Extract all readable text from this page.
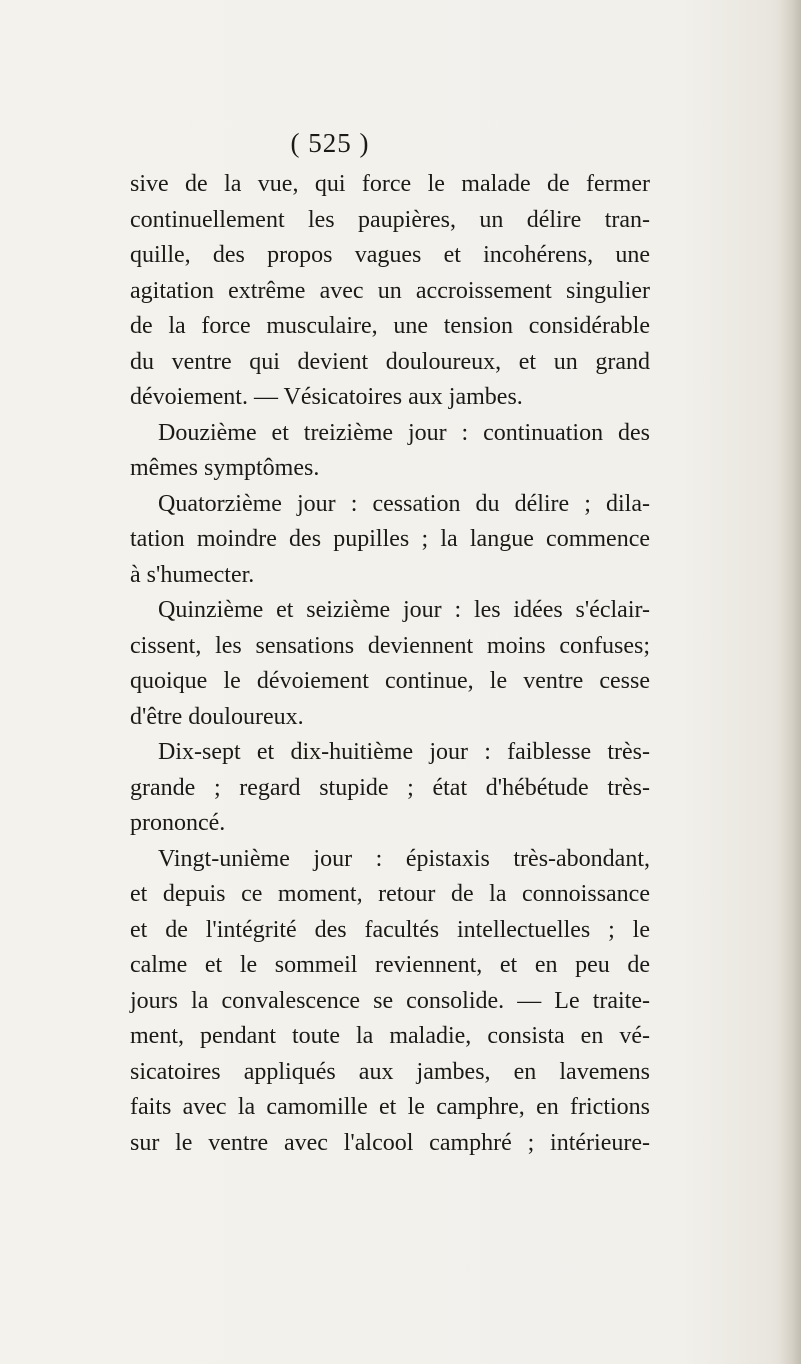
( 525 )
sive de la vue, qui force le malade de fermer
continuellement les paupières, un délire tran-
quille, des propos vagues et incohérens, une
agitation extrême avec un accroissement singulier
de la force musculaire, une tension considérable
du ventre qui devient douloureux, et un grand
dévoiement. — Vésicatoires aux jambes.
Douzième et treizième jour : continuation des
mêmes symptômes.
Quatorzième jour : cessation du délire ; dila-
tation moindre des pupilles ; la langue commence
à s'humecter.
Quinzième et seizième jour : les idées s'éclair-
cissent, les sensations deviennent moins confuses;
quoique le dévoiement continue, le ventre cesse
d'être douloureux.
Dix-sept et dix-huitième jour : faiblesse très-
grande ; regard stupide ; état d'hébétude très-
prononcé.
Vingt-unième jour : épistaxis très-abondant,
et depuis ce moment, retour de la connoissance
et de l'intégrité des facultés intellectuelles ; le
calme et le sommeil reviennent, et en peu de
jours la convalescence se consolide. — Le traite-
ment, pendant toute la maladie, consista en vé-
sicatoires appliqués aux jambes, en lavemens
faits avec la camomille et le camphre, en frictions
sur le ventre avec l'alcool camphré ; intérieure-
